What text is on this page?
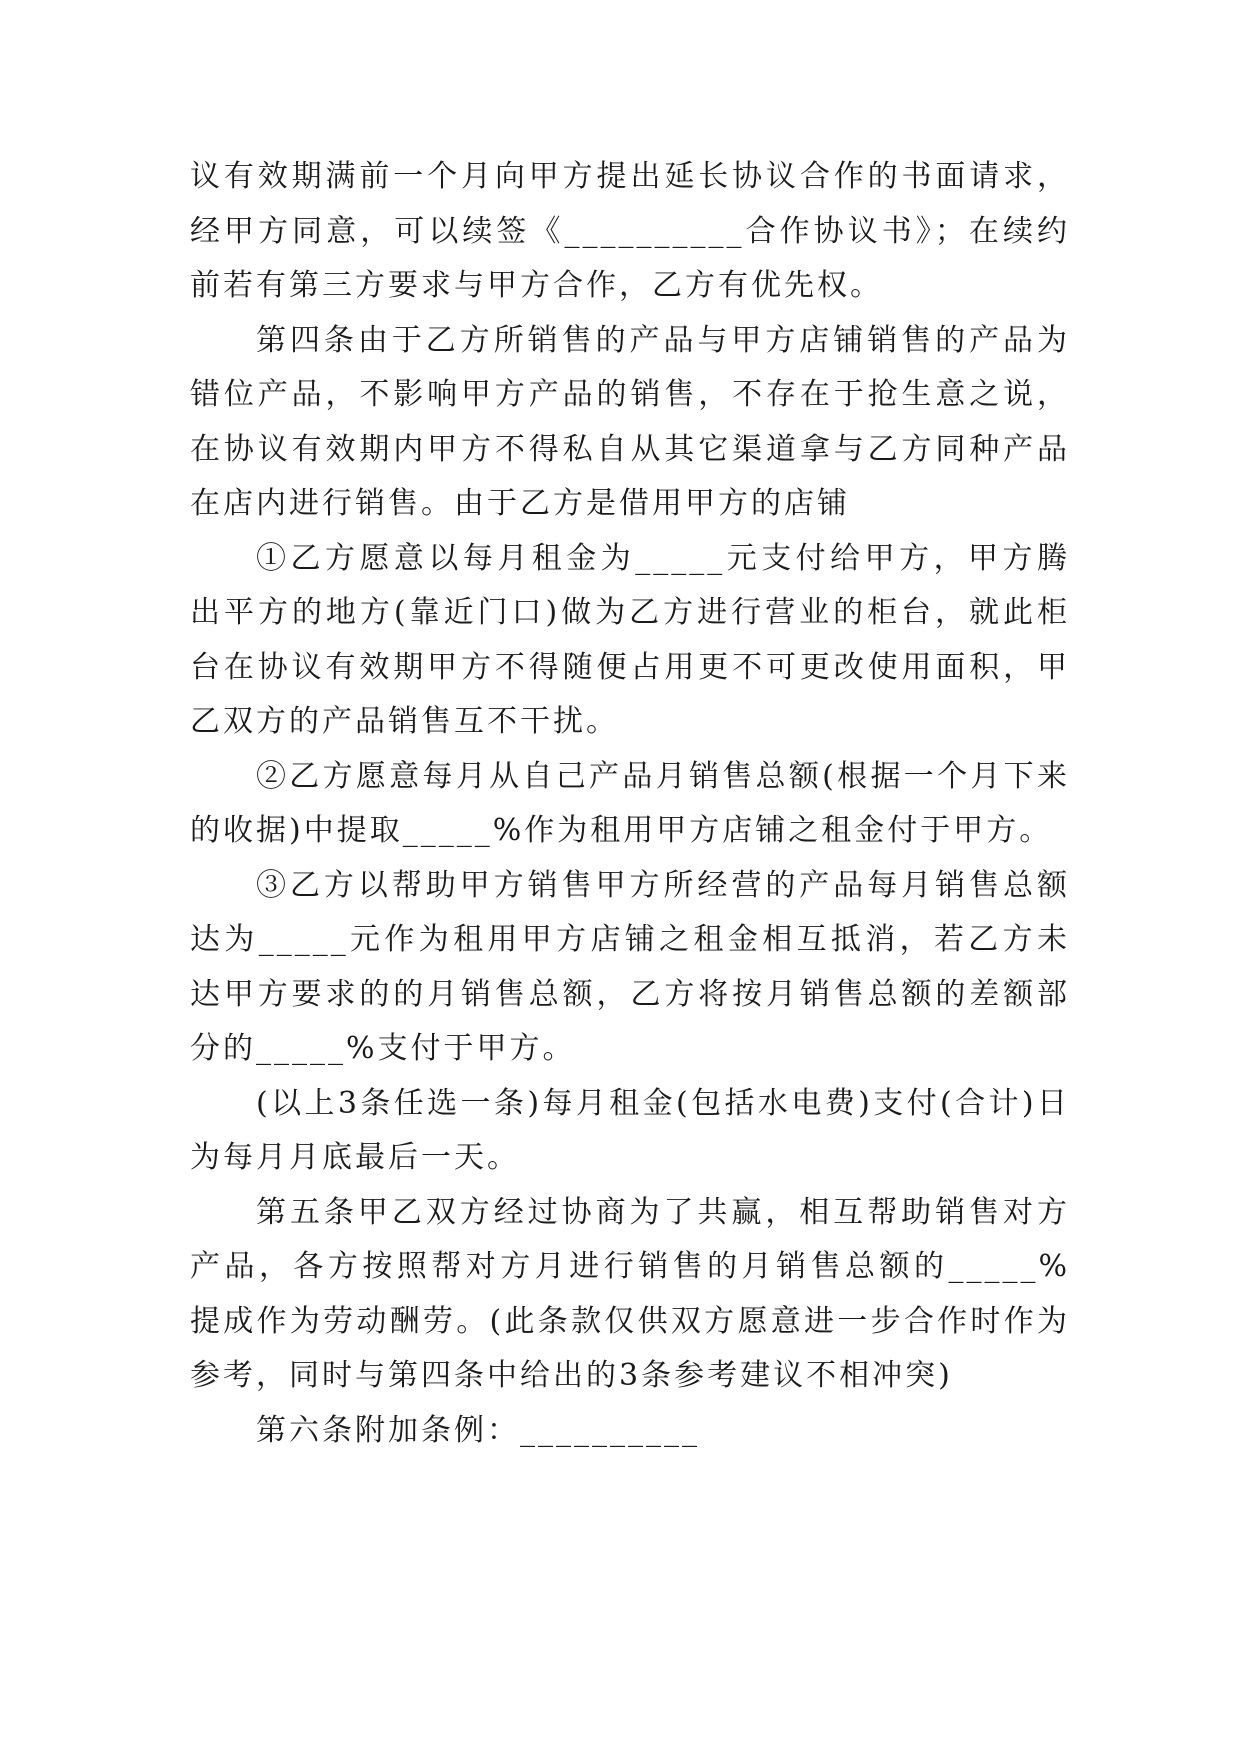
议有效期满前一个月向甲方提出延长协议合作的书面请求，经甲方同意，可以续签《__________合作协议书》；在续约前若有第三方要求与甲方合作，乙方有优先权。

第四条由于乙方所销售的产品与甲方店铺销售的产品为错位产品，不影响甲方产品的销售，不存在于抢生意之说，在协议有效期内甲方不得私自从其它渠道拿与乙方同种产品在店内进行销售。由于乙方是借用甲方的店铺

①乙方愿意以每月租金为_____元支付给甲方，甲方腾出平方的地方(靠近门口)做为乙方进行营业的柜台，就此柜台在协议有效期甲方不得随便占用更不可更改使用面积，甲乙双方的产品销售互不干扰。

②乙方愿意每月从自己产品月销售总额(根据一个月下来的收据)中提取_____%作为租用甲方店铺之租金付于甲方。

③乙方以帮助甲方销售甲方所经营的产品每月销售总额达为_____元作为租用甲方店铺之租金相互抵消，若乙方未达甲方要求的的月销售总额，乙方将按月销售总额的差额部分的_____%支付于甲方。

(以上3条任选一条)每月租金(包括水电费)支付(合计)日为每月月底最后一天。

第五条甲乙双方经过协商为了共赢，相互帮助销售对方产品，各方按照帮对方月进行销售的月销售总额的_____%提成作为劳动酬劳。(此条款仅供双方愿意进一步合作时作为参考，同时与第四条中给出的3条参考建议不相冲突)

第六条附加条例：__________
